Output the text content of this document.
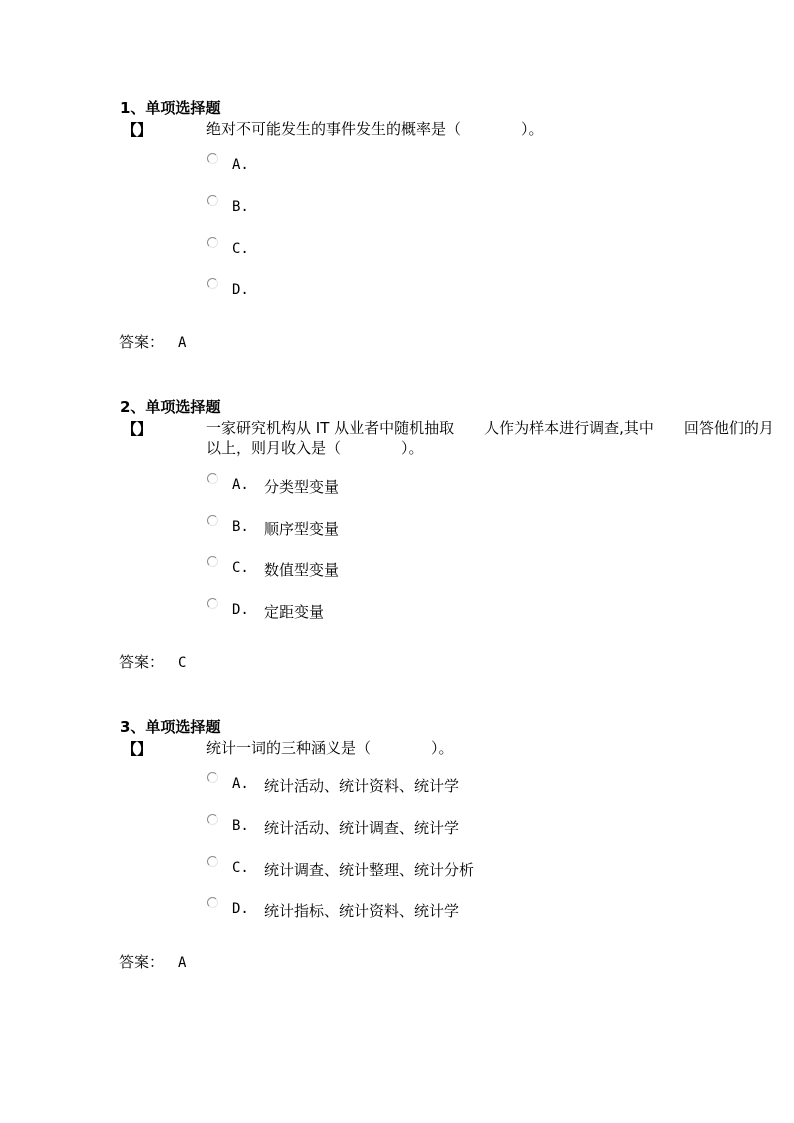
1、单项选择题
【】	绝对不可能发生的事件发生的概率是（　　　　）。
A.
B.
C.
D.
答案： A
2、单项选择题
【】	一家研究机构从 IT 从业者中随机抽取　　人作为样本进行调查,其中　　回答他们的月
以上，则月收入是（　　　　）。
A. 分类型变量
B. 顺序型变量
C. 数值型变量
D. 定距变量
答案： C
3、单项选择题
【】	统计一词的三种涵义是（　　　　）。
A. 统计活动、统计资料、统计学
B. 统计活动、统计调查、统计学
C. 统计调查、统计整理、统计分析
D. 统计指标、统计资料、统计学
答案： A
